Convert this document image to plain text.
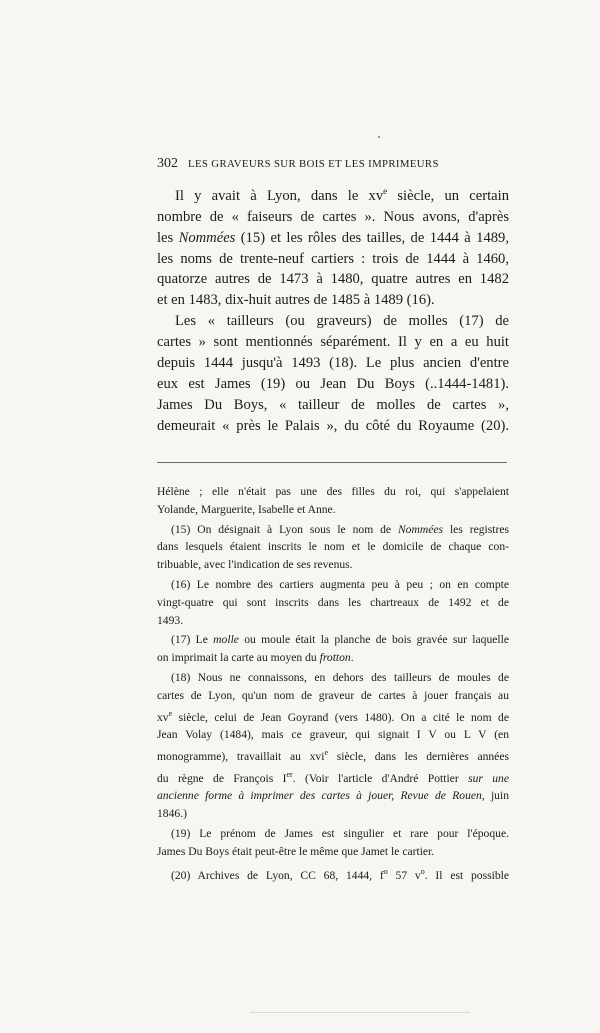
302 LES GRAVEURS SUR BOIS ET LES IMPRIMEURS

Il y avait à Lyon, dans le $xv^e$ siècle, un certain
nombre de « faiseurs de cartes ». Nous avons, d'après
les Nommées (15) et les rôles des tailles, de 1444 à 1489,
les noms de trente-neuf cartiers : trois de 1444 à 1460,
quatorze autres de 1473 à 1480, quatre autres en 1482
et en 1483, dix-huit autres de 1485 à 1489 (16).

Les « tailleurs (ou graveurs) de molles (17) de
cartes » sont mentionnés séparément. Il y en a eu huit
depuis 1444 jusqu'à 1493 (18). Le plus ancien d'entre
eux est James (19) ou Jean Du Boys (..1444-1481).
James Du Boys, « tailleur de molles de cartes »,
demeurait « près le Palais », du côté du Royaume (20).

Hélène ; elle n'était pas une des filles du roi, qui s'appelaient
Yolande, Marguerite, Isabelle et Anne.
(15) On désignait à Lyon sous le nom de Nommées les registres
dans lesquels étaient inscrits le nom et le domicile de chaque con-
tribuable, avec l'indication de ses revenus.
(16) Le nombre des cartiers augmenta peu à peu ; on en compte
vingt-quatre qui sont inscrits dans les chartreaux de 1492 et de
1493.
(17) Le molle ou moule était la planche de bois gravée sur laquelle
on imprimait la carte au moyen du frotton.
(18) Nous ne connaissons, en dehors des tailleurs de moules de
cartes de Lyon, qu'un nom de graveur de cartes à jouer français au
$xv^e$ siècle, celui de Jean Goyrand (vers 1480). On a cité le nom de
Jean Volay (1484), mais ce graveur, qui signait I V ou L V (en
monogramme), travaillait au xvi$^e$ siècle, dans les dernières années
du règne de François Ier. (Voir l'article d'André Pottier sur une
ancienne forme à imprimer des cartes à jouer, Revue de Rouen, juin
1846.)
(19) Le prénom de James est singulier et rare pour l'époque.
James Du Boys était peut-être le même que Jamet le cartier.
(20) Archives de Lyon, CC 68, 1444, $f^o$ 57 $v^o$. Il est possible
